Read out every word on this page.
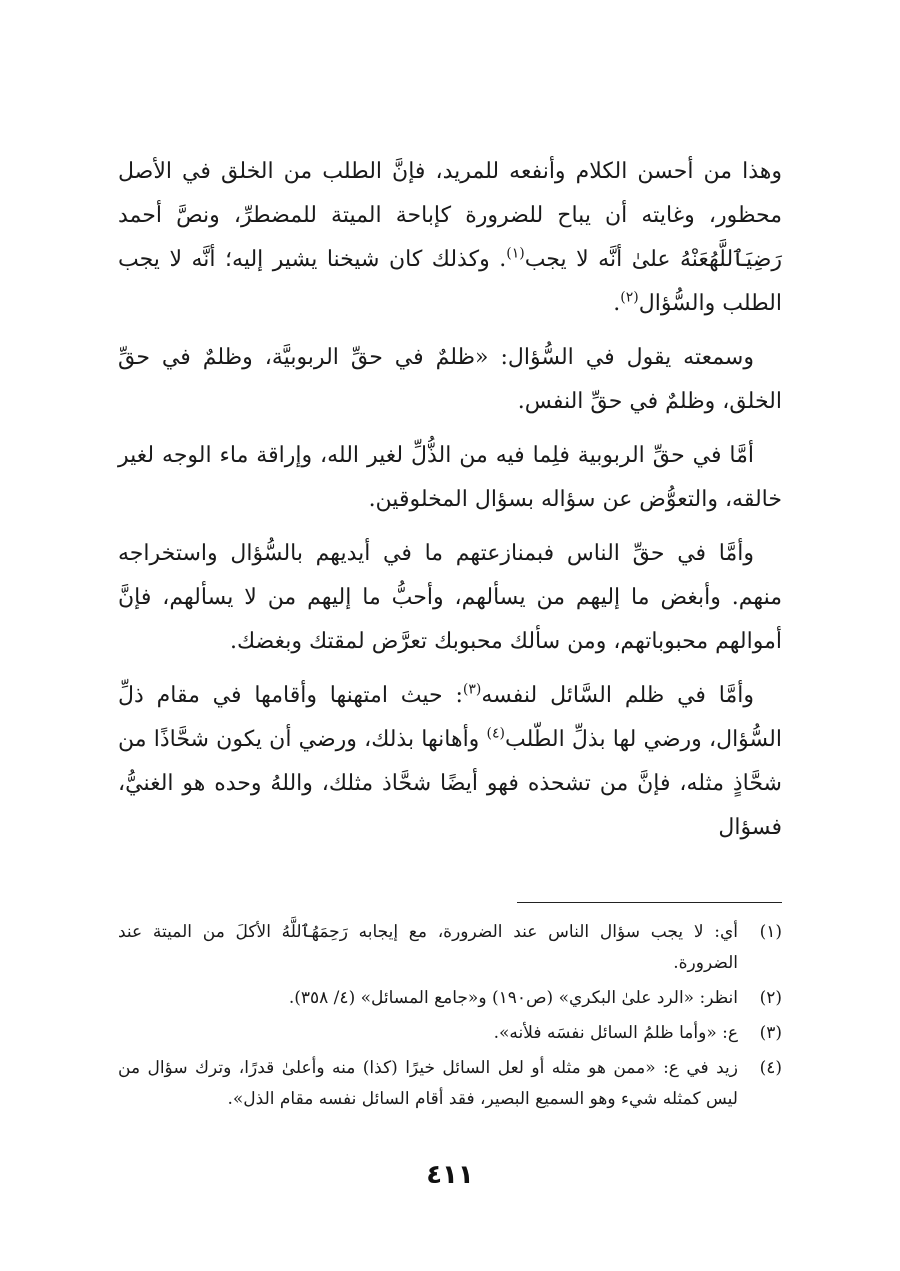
وهذا من أحسن الكلام وأنفعه للمريد، فإنَّ الطلب من الخلق في الأصل محظور، وغايته أن يباح للضرورة كإباحة الميتة للمضطرِّ، ونصَّ أحمد رَضِيَٱللَّهُعَنْهُ علىٰ أنَّه لا يجب$^{(١)}$. وكذلك كان شيخنا يشير إليه؛ أنَّه لا يجب الطلب والسُّؤال$^{(٢)}$.

وسمعته يقول في السُّؤال: «ظلمٌ في حقِّ الربوبيَّة، وظلمٌ في حقِّ الخلق، وظلمٌ في حقِّ النفس.

أمَّا في حقِّ الربوبية فلِما فيه من الذُّلِّ لغير الله، وإراقة ماء الوجه لغير خالقه، والتعوُّض عن سؤاله بسؤال المخلوقين.

وأمَّا في حقِّ الناس فبمنازعتهم ما في أيديهم بالسُّؤال واستخراجه منهم. وأبغض ما إليهم من يسألهم، وأحبُّ ما إليهم من لا يسألهم، فإنَّ أموالهم محبوباتهم، ومن سألك محبوبك تعرَّض لمقتك وبغضك.

وأمَّا في ظلم السَّائل لنفسه$^{(٣)}$: حيث امتهنها وأقامها في مقام ذلِّ السُّؤال، ورضي لها بذلِّ الطّلب$^{(٤)}$ وأهانها بذلك، ورضي أن يكون شحَّاذًا من شحَّاذٍ مثله، فإنَّ من تشحذه فهو أيضًا شحَّاذ مثلك، واللهُ وحده هو الغنيُّ، فسؤال

(١)
أي: لا يجب سؤال الناس عند الضرورة، مع إيجابه رَحِمَهُٱللَّهُ الأكلَ من الميتة عند الضرورة.
(٢)
انظر: «الرد علىٰ البكري» (ص١٩٠) و«جامع المسائل» (٤/ ٣٥٨).
(٣)
ع: «وأما ظلمُ السائل نفسَه فلأنه».
(٤)
زيد في ع: «ممن هو مثله أو لعل السائل خيرًا (كذا) منه وأعلىٰ قدرًا، وترك سؤال من ليس كمثله شيء وهو السميع البصير، فقد أقام السائل نفسه مقام الذل».
٤١١
